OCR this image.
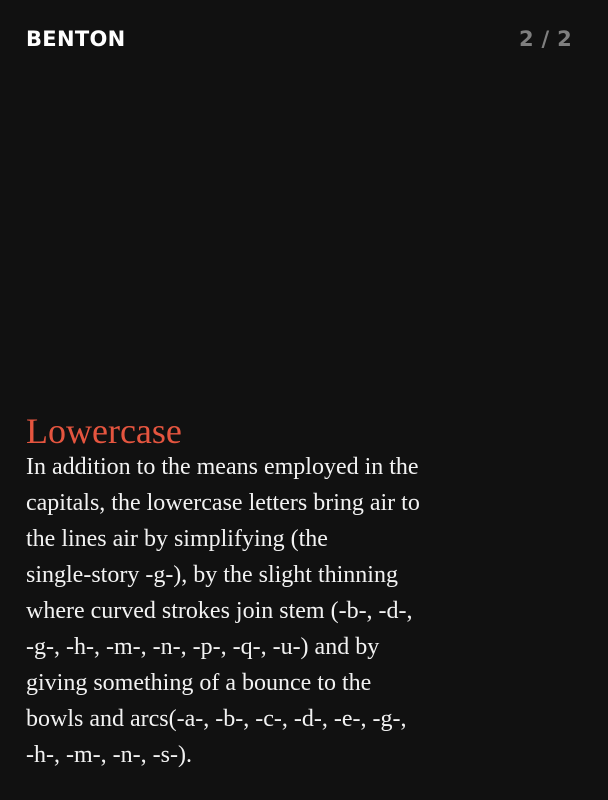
BENTON	2 / 2
Lowercase

In addition to the means employed in the
capitals, the lowercase letters bring air to
the lines air by simplifying (the
single-story -g-), by the slight thinning
where curved strokes join stem (-b-, -d-,
-g-, -h-, -m-, -n-, -p-, -q-, -u-) and by
giving something of a bounce to the
bowls and arcs(-a-, -b-, -c-, -d-, -e-, -g-,
-h-, -m-, -n-, -s-).
